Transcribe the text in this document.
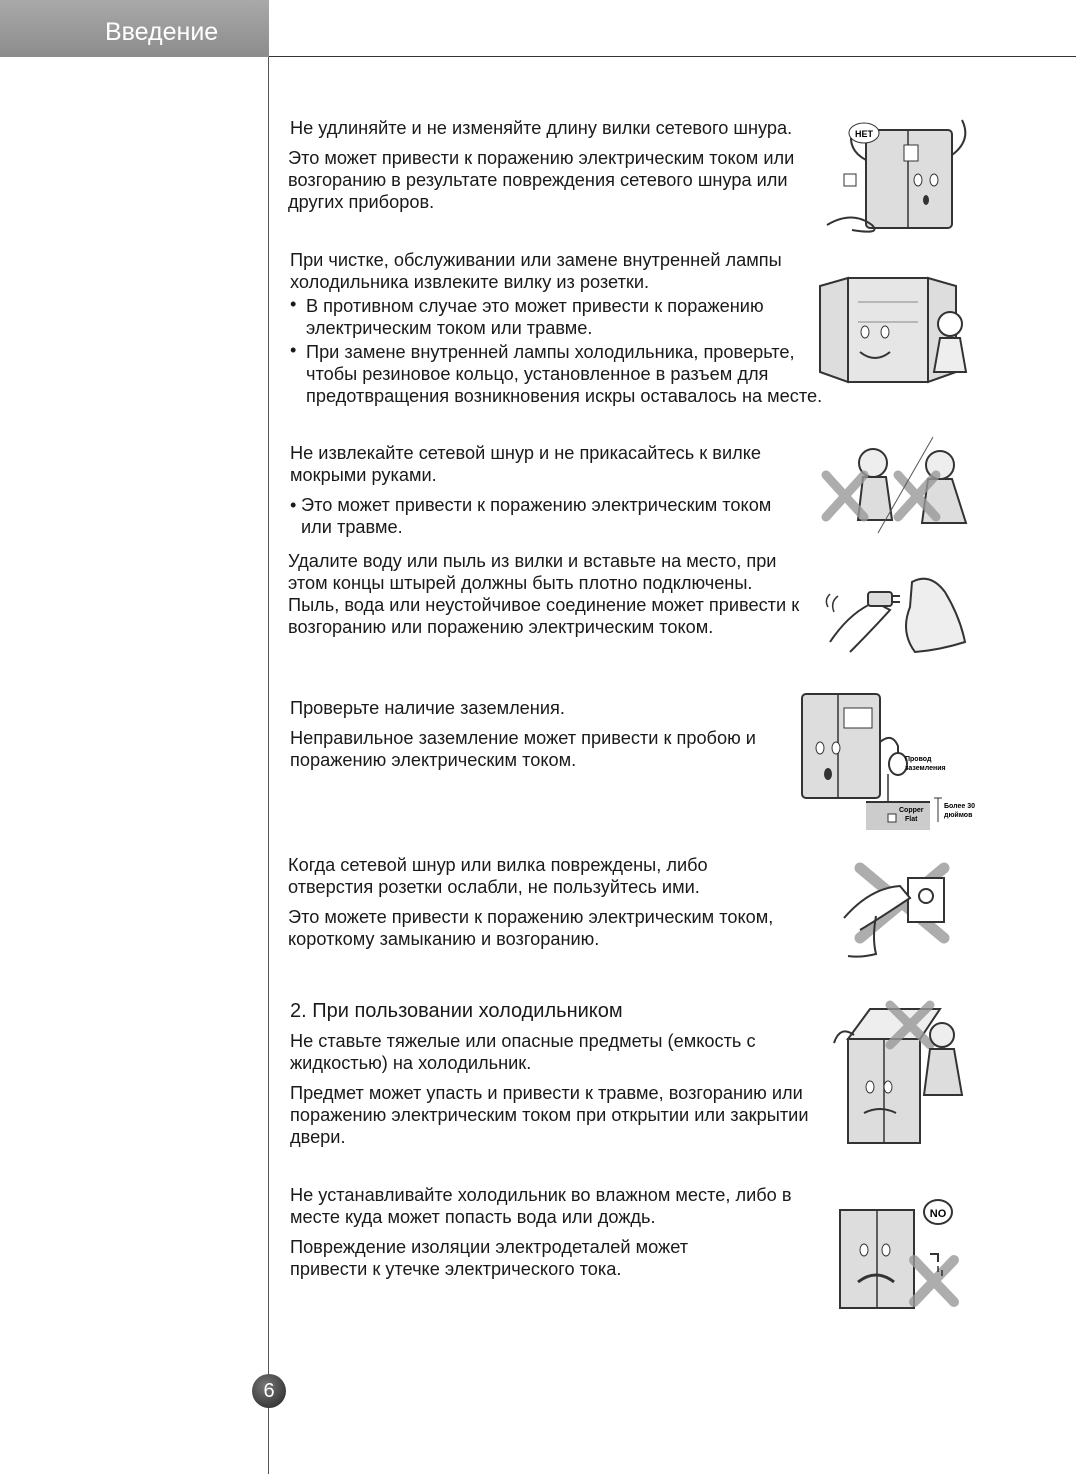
Введение

Не удлиняйте и не изменяйте длину вилки сетевого шнура.

Это может привести к поражению электрическим током или возгоранию в результате повреждения сетевого шнура или других приборов.

НЕТ

При чистке, обслуживании или замене внутренней лампы холодильника извлеките вилку из розетки.

• В противном случае это может привести к поражению электрическим током или травме.

• При замене внутренней лампы холодильника, проверьте, чтобы резиновое кольцо, установленное в разъем для предотвращения возникновения искры оставалось на месте.

Не извлекайте сетевой шнур и не прикасайтесь к вилке мокрыми руками.

• Это может привести к поражению электрическим током или травме.

Удалите воду или пыль из вилки и вставьте на место, при этом концы штырей должны быть плотно подключены.

Пыль, вода или неустойчивое соединение может привести к возгоранию или поражению электрическим током.

Проверьте наличие заземления.

Неправильное заземление может привести к пробою и поражению электрическим током.	Провод
заземления
Copper
Flat
Более 30
дюймов

Когда сетевой шнур или вилка повреждены, либо отверстия розетки ослабли, не пользуйтесь ими.

Это можете привести к поражению электрическим током, короткому замыканию и возгоранию.

2. При пользовании холодильником

Не ставьте тяжелые или опасные предметы (емкость с жидкостью) на холодильник.

Предмет может упасть и привести к травме, возгоранию или поражению электрическим током при открытии или закрытии двери.

Не устанавливайте холодильник во влажном месте, либо в месте куда может попасть вода или дождь.

Повреждение изоляции электродеталей может привести к утечке электрического тока.

NO
6
